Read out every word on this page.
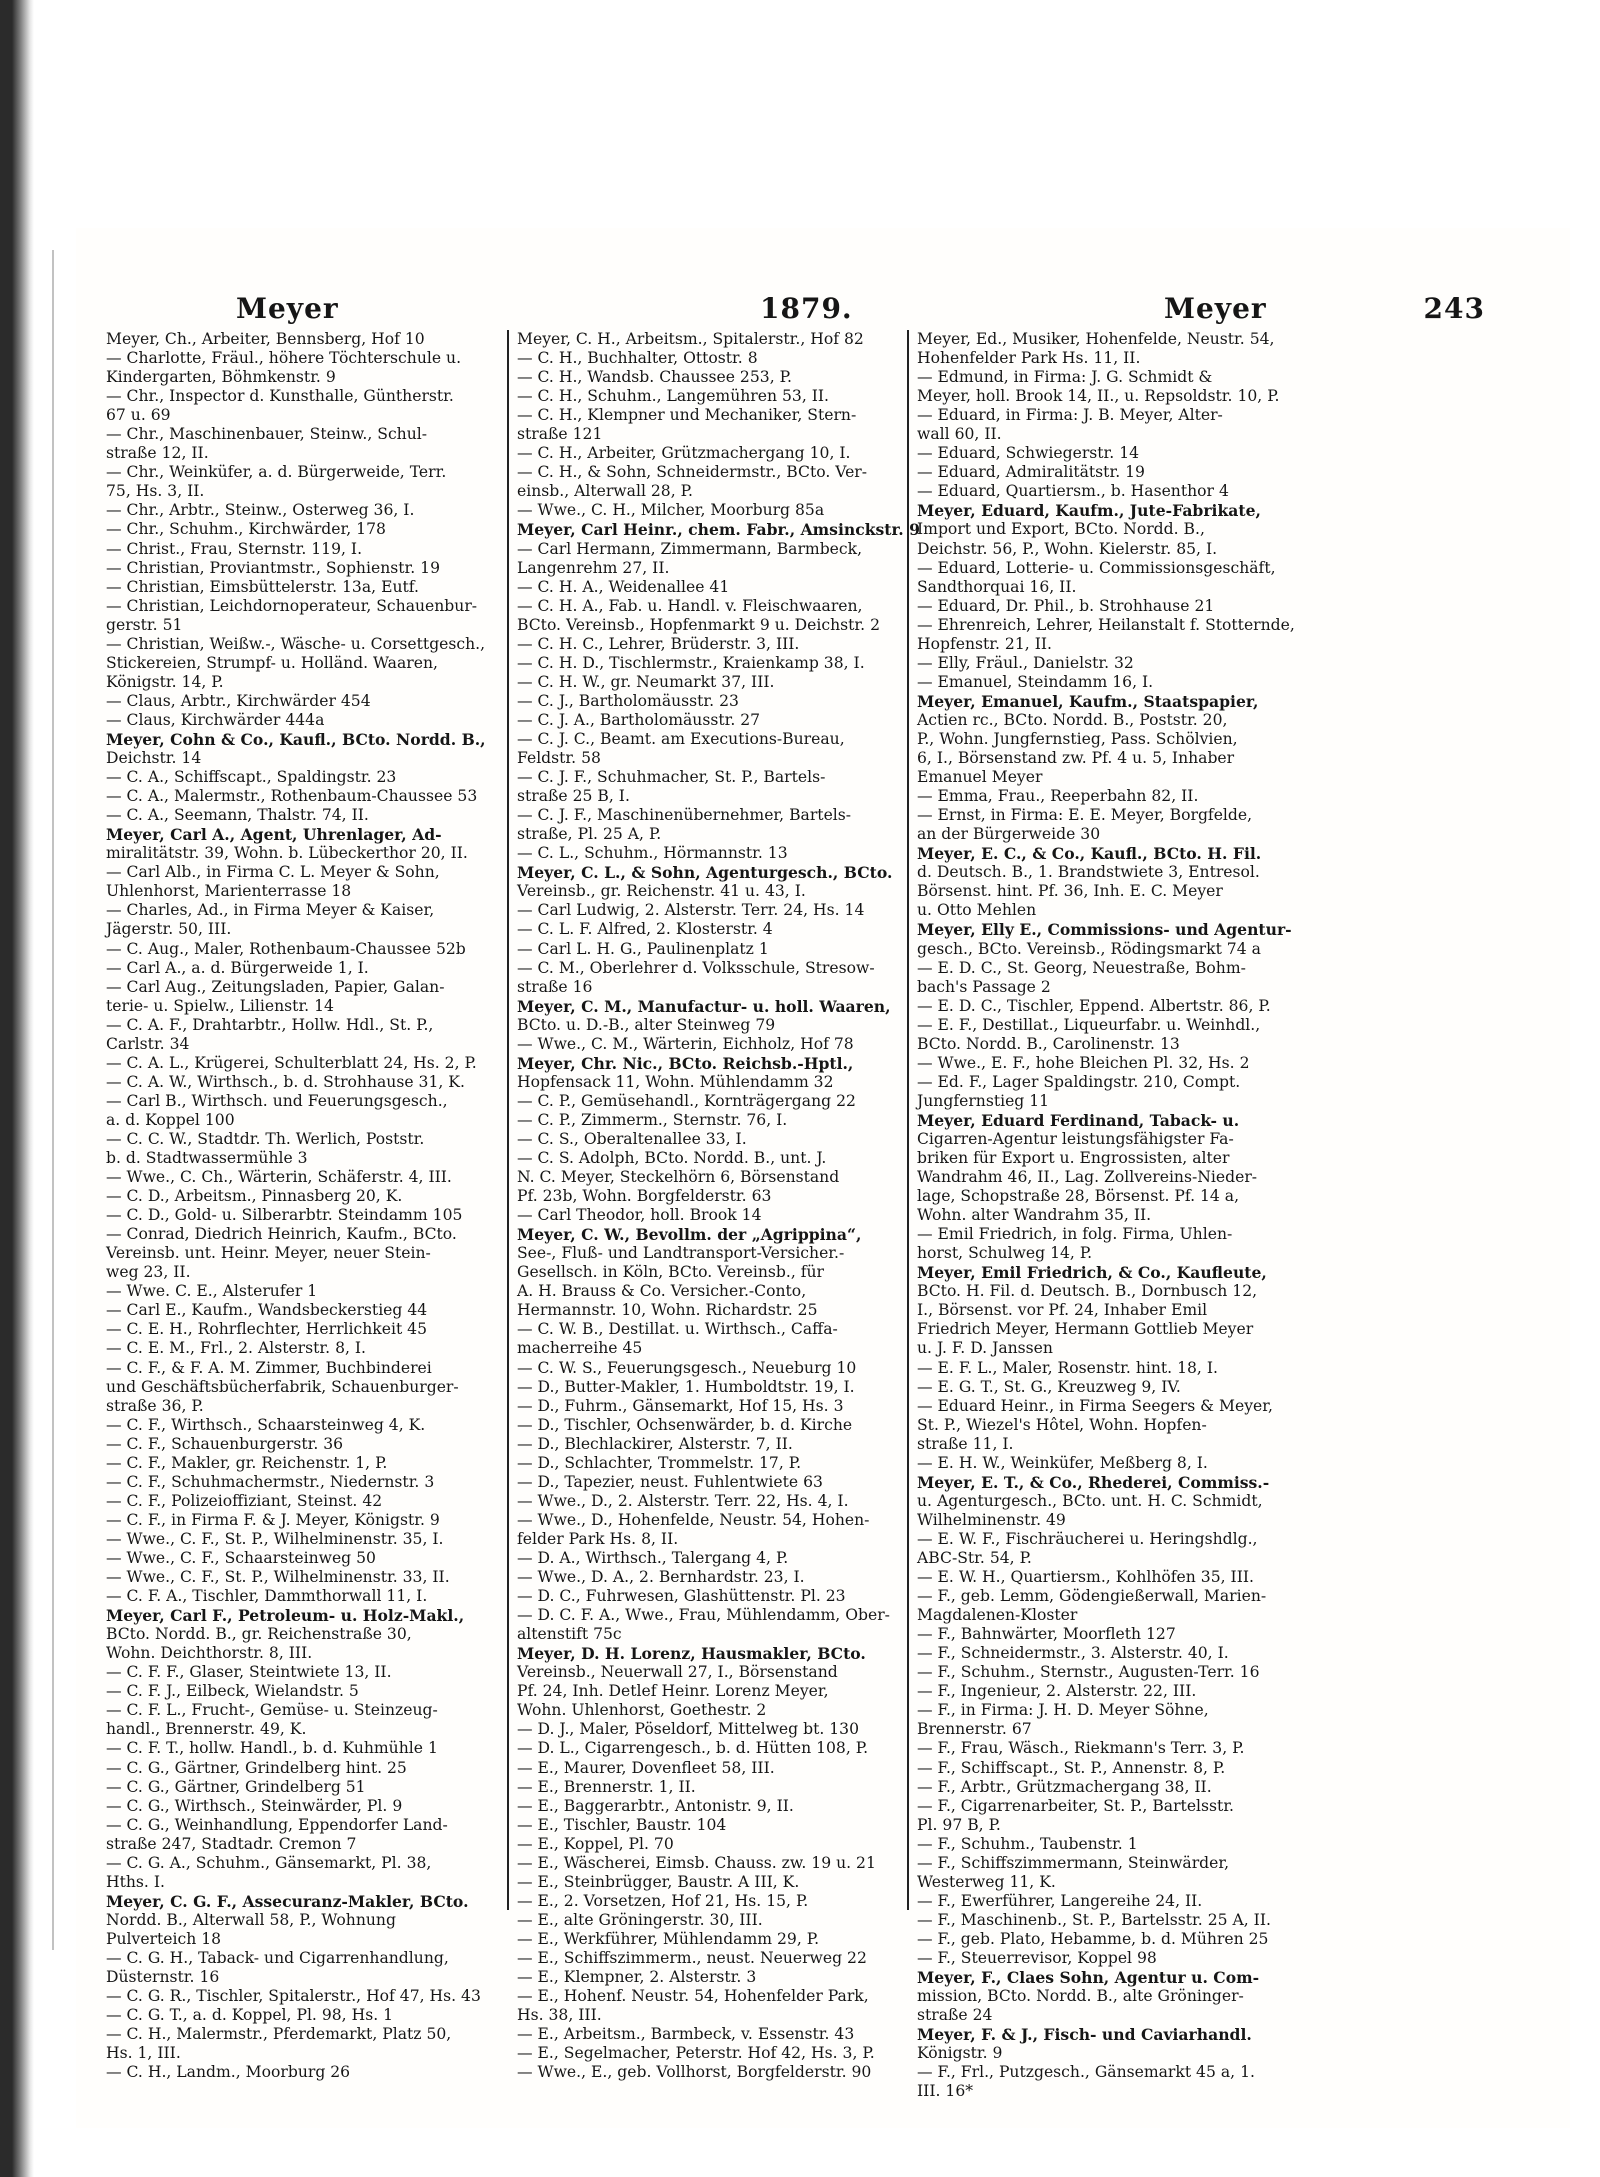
Meyer	1879.	Meyer	243
Meyer, Ch., Arbeiter, Bennsberg, Hof 10
— Charlotte, Fräul., höhere Töchterschule u.
Kindergarten, Böhmkenstr. 9
— Chr., Inspector d. Kunsthalle, Güntherstr.
67 u. 69
— Chr., Maschinenbauer, Steinw., Schul-
straße 12, II.
— Chr., Weinküfer, a. d. Bürgerweide, Terr.
75, Hs. 3, II.
— Chr., Arbtr., Steinw., Osterweg 36, I.
— Chr., Schuhm., Kirchwärder, 178
— Christ., Frau, Sternstr. 119, I.
— Christian, Proviantmstr., Sophienstr. 19
— Christian, Eimsbüttelerstr. 13a, Eutf.
— Christian, Leichdornoperateur, Schauenbur-
gerstr. 51
— Christian, Weißw.-, Wäsche- u. Corsettgesch.,
Stickereien, Strumpf- u. Holländ. Waaren,
Königstr. 14, P.
— Claus, Arbtr., Kirchwärder 454
— Claus, Kirchwärder 444a
Meyer, Cohn & Co., Kaufl., BCto. Nordd. B.,
Deichstr. 14
— C. A., Schiffscapt., Spaldingstr. 23
— C. A., Malermstr., Rothenbaum-Chaussee 53
— C. A., Seemann, Thalstr. 74, II.
Meyer, Carl A., Agent, Uhrenlager, Ad-
miralitätstr. 39, Wohn. b. Lübeckerthor 20, II.
— Carl Alb., in Firma C. L. Meyer & Sohn,
Uhlenhorst, Marienterrasse 18
— Charles, Ad., in Firma Meyer & Kaiser,
Jägerstr. 50, III.
— C. Aug., Maler, Rothenbaum-Chaussee 52b
— Carl A., a. d. Bürgerweide 1, I.
— Carl Aug., Zeitungsladen, Papier, Galan-
terie- u. Spielw., Lilienstr. 14
— C. A. F., Drahtarbtr., Hollw. Hdl., St. P.,
Carlstr. 34
— C. A. L., Krügerei, Schulterblatt 24, Hs. 2, P.
— C. A. W., Wirthsch., b. d. Strohhause 31, K.
— Carl B., Wirthsch. und Feuerungsgesch.,
a. d. Koppel 100
— C. C. W., Stadtdr. Th. Werlich, Poststr.
b. d. Stadtwassermühle 3
— Wwe., C. Ch., Wärterin, Schäferstr. 4, III.
— C. D., Arbeitsm., Pinnasberg 20, K.
— C. D., Gold- u. Silberarbtr. Steindamm 105
— Conrad, Diedrich Heinrich, Kaufm., BCto.
Vereinsb. unt. Heinr. Meyer, neuer Stein-
weg 23, II.
— Wwe. C. E., Alsterufer 1
— Carl E., Kaufm., Wandsbeckerstieg 44
— C. E. H., Rohrflechter, Herrlichkeit 45
— C. E. M., Frl., 2. Alsterstr. 8, I.
— C. F., & F. A. M. Zimmer, Buchbinderei
und Geschäftsbücherfabrik, Schauenburger-
straße 36, P.
— C. F., Wirthsch., Schaarsteinweg 4, K.
— C. F., Schauenburgerstr. 36
— C. F., Makler, gr. Reichenstr. 1, P.
— C. F., Schuhmachermstr., Niedernstr. 3
— C. F., Polizeioffiziant, Steinst. 42
— C. F., in Firma F. & J. Meyer, Königstr. 9
— Wwe., C. F., St. P., Wilhelminenstr. 35, I.
— Wwe., C. F., Schaarsteinweg 50
— Wwe., C. F., St. P., Wilhelminenstr. 33, II.
— C. F. A., Tischler, Dammthorwall 11, I.
Meyer, Carl F., Petroleum- u. Holz-Makl.,
BCto. Nordd. B., gr. Reichenstraße 30,
Wohn. Deichthorstr. 8, III.
— C. F. F., Glaser, Steintwiete 13, II.
— C. F. J., Eilbeck, Wielandstr. 5
— C. F. L., Frucht-, Gemüse- u. Steinzeug-
handl., Brennerstr. 49, K.
— C. F. T., hollw. Handl., b. d. Kuhmühle 1
— C. G., Gärtner, Grindelberg hint. 25
— C. G., Gärtner, Grindelberg 51
— C. G., Wirthsch., Steinwärder, Pl. 9
— C. G., Weinhandlung, Eppendorfer Land-
straße 247, Stadtadr. Cremon 7
— C. G. A., Schuhm., Gänsemarkt, Pl. 38,
Hths. I.
Meyer, C. G. F., Assecuranz-Makler, BCto.
Nordd. B., Alterwall 58, P., Wohnung
Pulverteich 18
— C. G. H., Taback- und Cigarrenhandlung,
Düsternstr. 16
— C. G. R., Tischler, Spitalerstr., Hof 47, Hs. 43
— C. G. T., a. d. Koppel, Pl. 98, Hs. 1
— C. H., Malermstr., Pferdemarkt, Platz 50,
Hs. 1, III.
— C. H., Landm., Moorburg 26
Meyer, C. H., Arbeitsm., Spitalerstr., Hof 82
— C. H., Buchhalter, Ottostr. 8
— C. H., Wandsb. Chaussee 253, P.
— C. H., Schuhm., Langemühren 53, II.
— C. H., Klempner und Mechaniker, Stern-
straße 121
— C. H., Arbeiter, Grützmachergang 10, I.
— C. H., & Sohn, Schneidermstr., BCto. Ver-
einsb., Alterwall 28, P.
— Wwe., C. H., Milcher, Moorburg 85a
Meyer, Carl Heinr., chem. Fabr., Amsinckstr. 9
— Carl Hermann, Zimmermann, Barmbeck,
Langenrehm 27, II.
— C. H. A., Weidenallee 41
— C. H. A., Fab. u. Handl. v. Fleischwaaren,
BCto. Vereinsb., Hopfenmarkt 9 u. Deichstr. 2
— C. H. C., Lehrer, Brüderstr. 3, III.
— C. H. D., Tischlermstr., Kraienkamp 38, I.
— C. H. W., gr. Neumarkt 37, III.
— C. J., Bartholomäusstr. 23
— C. J. A., Bartholomäusstr. 27
— C. J. C., Beamt. am Executions-Bureau,
Feldstr. 58
— C. J. F., Schuhmacher, St. P., Bartels-
straße 25 B, I.
— C. J. F., Maschinenübernehmer, Bartels-
straße, Pl. 25 A, P.
— C. L., Schuhm., Hörmannstr. 13
Meyer, C. L., & Sohn, Agenturgesch., BCto.
Vereinsb., gr. Reichenstr. 41 u. 43, I.
— Carl Ludwig, 2. Alsterstr. Terr. 24, Hs. 14
— C. L. F. Alfred, 2. Klosterstr. 4
— Carl L. H. G., Paulinenplatz 1
— C. M., Oberlehrer d. Volksschule, Stresow-
straße 16
Meyer, C. M., Manufactur- u. holl. Waaren,
BCto. u. D.-B., alter Steinweg 79
— Wwe., C. M., Wärterin, Eichholz, Hof 78
Meyer, Chr. Nic., BCto. Reichsb.-Hptl.,
Hopfensack 11, Wohn. Mühlendamm 32
— C. P., Gemüsehandl., Kornträgergang 22
— C. P., Zimmerm., Sternstr. 76, I.
— C. S., Oberaltenallee 33, I.
— C. S. Adolph, BCto. Nordd. B., unt. J.
N. C. Meyer, Steckelhörn 6, Börsenstand
Pf. 23b, Wohn. Borgfelderstr. 63
— Carl Theodor, holl. Brook 14
Meyer, C. W., Bevollm. der „Agrippina“,
See-, Fluß- und Landtransport-Versicher.-
Gesellsch. in Köln, BCto. Vereinsb., für
A. H. Brauss & Co. Versicher.-Conto,
Hermannstr. 10, Wohn. Richardstr. 25
— C. W. B., Destillat. u. Wirthsch., Caffa-
macherreihe 45
— C. W. S., Feuerungsgesch., Neueburg 10
— D., Butter-Makler, 1. Humboldtstr. 19, I.
— D., Fuhrm., Gänsemarkt, Hof 15, Hs. 3
— D., Tischler, Ochsenwärder, b. d. Kirche
— D., Blechlackirer, Alsterstr. 7, II.
— D., Schlachter, Trommelstr. 17, P.
— D., Tapezier, neust. Fuhlentwiete 63
— Wwe., D., 2. Alsterstr. Terr. 22, Hs. 4, I.
— Wwe., D., Hohenfelde, Neustr. 54, Hohen-
felder Park Hs. 8, II.
— D. A., Wirthsch., Talergang 4, P.
— Wwe., D. A., 2. Bernhardstr. 23, I.
— D. C., Fuhrwesen, Glashüttenstr. Pl. 23
— D. C. F. A., Wwe., Frau, Mühlendamm, Ober-
altenstift 75c
Meyer, D. H. Lorenz, Hausmakler, BCto.
Vereinsb., Neuerwall 27, I., Börsenstand
Pf. 24, Inh. Detlef Heinr. Lorenz Meyer,
Wohn. Uhlenhorst, Goethestr. 2
— D. J., Maler, Pöseldorf, Mittelweg bt. 130
— D. L., Cigarrengesch., b. d. Hütten 108, P.
— E., Maurer, Dovenfleet 58, III.
— E., Brennerstr. 1, II.
— E., Baggerarbtr., Antonistr. 9, II.
— E., Tischler, Baustr. 104
— E., Koppel, Pl. 70
— E., Wäscherei, Eimsb. Chauss. zw. 19 u. 21
— E., Steinbrügger, Baustr. A III, K.
— E., 2. Vorsetzen, Hof 21, Hs. 15, P.
— E., alte Gröningerstr. 30, III.
— E., Werkführer, Mühlendamm 29, P.
— E., Schiffszimmerm., neust. Neuerweg 22
— E., Klempner, 2. Alsterstr. 3
— E., Hohenf. Neustr. 54, Hohenfelder Park,
Hs. 38, III.
— E., Arbeitsm., Barmbeck, v. Essenstr. 43
— E., Segelmacher, Peterstr. Hof 42, Hs. 3, P.
— Wwe., E., geb. Vollhorst, Borgfelderstr. 90
Meyer, Ed., Musiker, Hohenfelde, Neustr. 54,
Hohenfelder Park Hs. 11, II.
— Edmund, in Firma: J. G. Schmidt &
Meyer, holl. Brook 14, II., u. Repsoldstr. 10, P.
— Eduard, in Firma: J. B. Meyer, Alter-
wall 60, II.
— Eduard, Schwiegerstr. 14
— Eduard, Admiralitätstr. 19
— Eduard, Quartiersm., b. Hasenthor 4
Meyer, Eduard, Kaufm., Jute-Fabrikate,
Import und Export, BCto. Nordd. B.,
Deichstr. 56, P., Wohn. Kielerstr. 85, I.
— Eduard, Lotterie- u. Commissionsgeschäft,
Sandthorquai 16, II.
— Eduard, Dr. Phil., b. Strohhause 21
— Ehrenreich, Lehrer, Heilanstalt f. Stotternde,
Hopfenstr. 21, II.
— Elly, Fräul., Danielstr. 32
— Emanuel, Steindamm 16, I.
Meyer, Emanuel, Kaufm., Staatspapier,
Actien rc., BCto. Nordd. B., Poststr. 20,
P., Wohn. Jungfernstieg, Pass. Schölvien,
6, I., Börsenstand zw. Pf. 4 u. 5, Inhaber
Emanuel Meyer
— Emma, Frau., Reeperbahn 82, II.
— Ernst, in Firma: E. E. Meyer, Borgfelde,
an der Bürgerweide 30
Meyer, E. C., & Co., Kaufl., BCto. H. Fil.
d. Deutsch. B., 1. Brandstwiete 3, Entresol.
Börsenst. hint. Pf. 36, Inh. E. C. Meyer
u. Otto Mehlen
Meyer, Elly E., Commissions- und Agentur-
gesch., BCto. Vereinsb., Rödingsmarkt 74 a
— E. D. C., St. Georg, Neuestraße, Bohm-
bach's Passage 2
— E. D. C., Tischler, Eppend. Albertstr. 86, P.
— E. F., Destillat., Liqueurfabr. u. Weinhdl.,
BCto. Nordd. B., Carolinenstr. 13
— Wwe., E. F., hohe Bleichen Pl. 32, Hs. 2
— Ed. F., Lager Spaldingstr. 210, Compt.
Jungfernstieg 11
Meyer, Eduard Ferdinand, Taback- u.
Cigarren-Agentur leistungsfähigster Fa-
briken für Export u. Engrossisten, alter
Wandrahm 46, II., Lag. Zollvereins-Nieder-
lage, Schopstraße 28, Börsenst. Pf. 14 a,
Wohn. alter Wandrahm 35, II.
— Emil Friedrich, in folg. Firma, Uhlen-
horst, Schulweg 14, P.
Meyer, Emil Friedrich, & Co., Kaufleute,
BCto. H. Fil. d. Deutsch. B., Dornbusch 12,
I., Börsenst. vor Pf. 24, Inhaber Emil
Friedrich Meyer, Hermann Gottlieb Meyer
u. J. F. D. Janssen
— E. F. L., Maler, Rosenstr. hint. 18, I.
— E. G. T., St. G., Kreuzweg 9, IV.
— Eduard Heinr., in Firma Seegers & Meyer,
St. P., Wiezel's Hôtel, Wohn. Hopfen-
straße 11, I.
— E. H. W., Weinküfer, Meßberg 8, I.
Meyer, E. T., & Co., Rhederei, Commiss.-
u. Agenturgesch., BCto. unt. H. C. Schmidt,
Wilhelminenstr. 49
— E. W. F., Fischräucherei u. Heringshdlg.,
ABC-Str. 54, P.
— E. W. H., Quartiersm., Kohlhöfen 35, III.
— F., geb. Lemm, Gödengießerwall, Marien-
Magdalenen-Kloster
— F., Bahnwärter, Moorfleth 127
— F., Schneidermstr., 3. Alsterstr. 40, I.
— F., Schuhm., Sternstr., Augusten-Terr. 16
— F., Ingenieur, 2. Alsterstr. 22, III.
— F., in Firma: J. H. D. Meyer Söhne,
Brennerstr. 67
— F., Frau, Wäsch., Riekmann's Terr. 3, P.
— F., Schiffscapt., St. P., Annenstr. 8, P.
— F., Arbtr., Grützmachergang 38, II.
— F., Cigarrenarbeiter, St. P., Bartelsstr.
Pl. 97 B, P.
— F., Schuhm., Taubenstr. 1
— F., Schiffszimmermann, Steinwärder,
Westerweg 11, K.
— F., Ewerführer, Langereihe 24, II.
— F., Maschinenb., St. P., Bartelsstr. 25 A, II.
— F., geb. Plato, Hebamme, b. d. Mühren 25
— F., Steuerrevisor, Koppel 98
Meyer, F., Claes Sohn, Agentur u. Com-
mission, BCto. Nordd. B., alte Gröninger-
straße 24
Meyer, F. & J., Fisch- und Caviarhandl.
Königstr. 9
— F., Frl., Putzgesch., Gänsemarkt 45 a, 1.
III. 16*
